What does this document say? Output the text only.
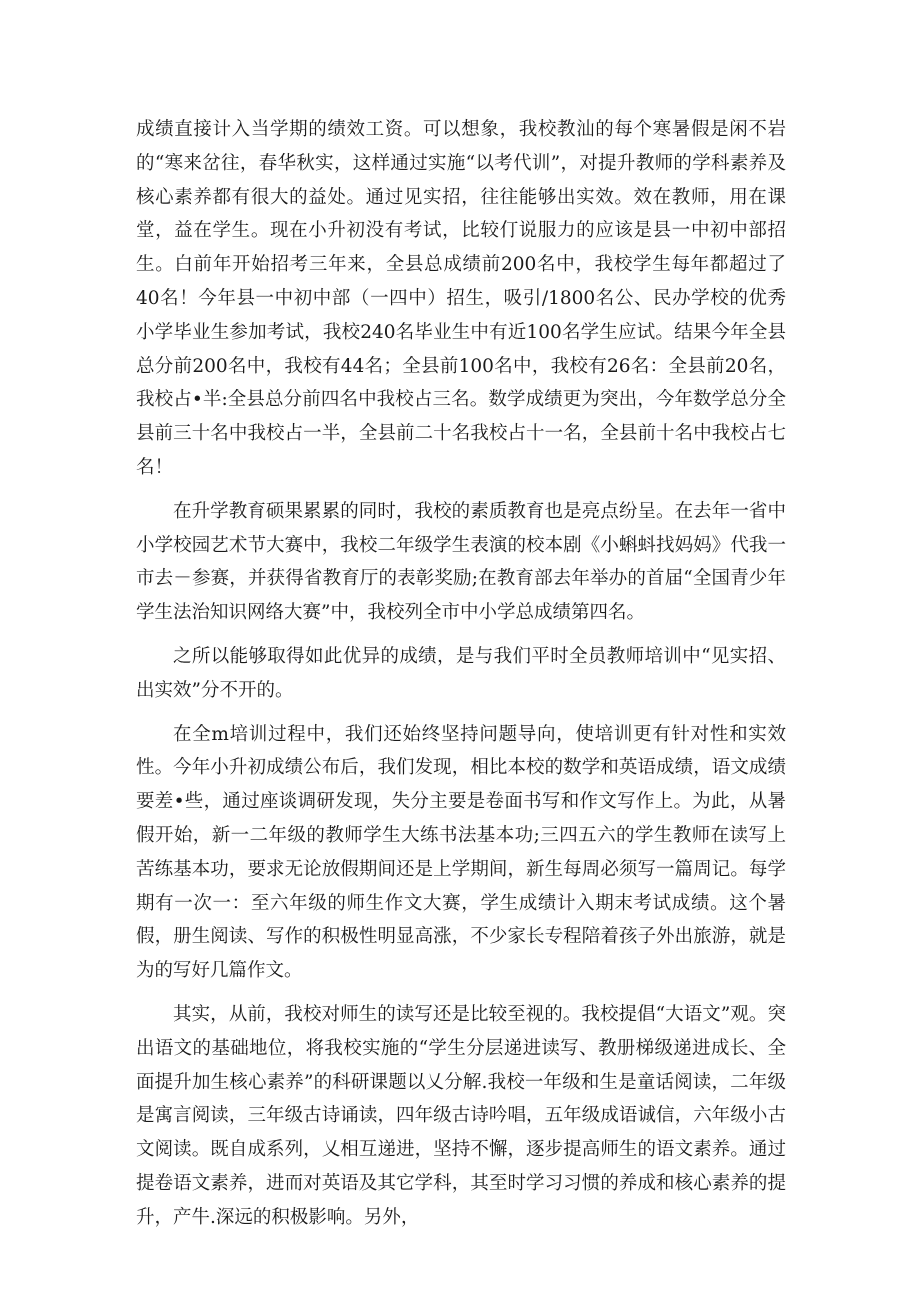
成绩直接计入当学期的绩效工资。可以想象，我校教汕的每个寒暑假是闲不岩的“寒来岔往，春华秋实，这样通过实施“以考代训”，对提升教师的学科素养及核心素养都有很大的益处。通过见实招，往往能够出实效。效在教师，用在课堂，益在学生。现在小升初没有考试，比较仃说服力的应该是县一中初中部招生。白前年开始招考三年来，全县总成绩前200名中，我校学生每年都超过了40名！今年县一中初中部（一四中）招生，吸引/1800名公、民办学校的优秀小学毕业生参加考试，我校240名毕业生中有近100名学生应试。结果今年全县总分前200名中，我校有44名；全县前100名中，我校有26名：全县前20名，我校占•半:全县总分前四名中我校占三名。数学成绩更为突出，今年数学总分全县前三十名中我校占一半，全县前二十名我校占十一名，全县前十名中我校占七名！

在升学教育硕果累累的同时，我校的素质教育也是亮点纷呈。在去年一省中小学校园艺术节大赛中，我校二年级学生表演的校本剧《小蝌蚪找妈妈》代我一市去－参赛，并获得省教育厅的表彰奖励;在教育部去年举办的首届“全国青少年学生法治知识网络大赛”中，我校列全市中小学总成绩第四名。

之所以能够取得如此优异的成绩，是与我们平时全员教师培训中“见实招、出实效”分不开的。

在全m培训过程中，我们还始终坚持问题导向，使培训更有针对性和实效性。今年小升初成绩公布后，我们发现，相比本校的数学和英语成绩，语文成绩要差•些，通过座谈调研发现，失分主要是卷面书写和作文写作上。为此，从暑假开始，新一二年级的教师学生大练书法基本功;三四五六的学生教师在读写上苦练基本功，要求无论放假期间还是上学期间，新生每周必须写一篇周记。每学期有一次一：至六年级的师生作文大赛，学生成绩计入期末考试成绩。这个暑假，册生阅读、写作的积极性明显高涨，不少家长专程陪着孩子外出旅游，就是为的写好几篇作文。

其实，从前，我校对师生的读写还是比较至视的。我校提倡“大语文”观。突出语文的基础地位，将我校实施的“学生分层递进读写、教册梯级递进成长、全面提升加生核心素养”的科研课题以乂分解.我校一年级和生是童话阅读，二年级是寓言阅读，三年级古诗诵读，四年级古诗吟唱，五年级成语诚信，六年级小古文阅读。既自成系列，乂相互递进，坚持不懈，逐步提高师生的语文素养。通过提卷语文素养，进而对英语及其它学科，其至时学习习惯的养成和核心素养的提升，产牛.深远的积极影响。另外，
